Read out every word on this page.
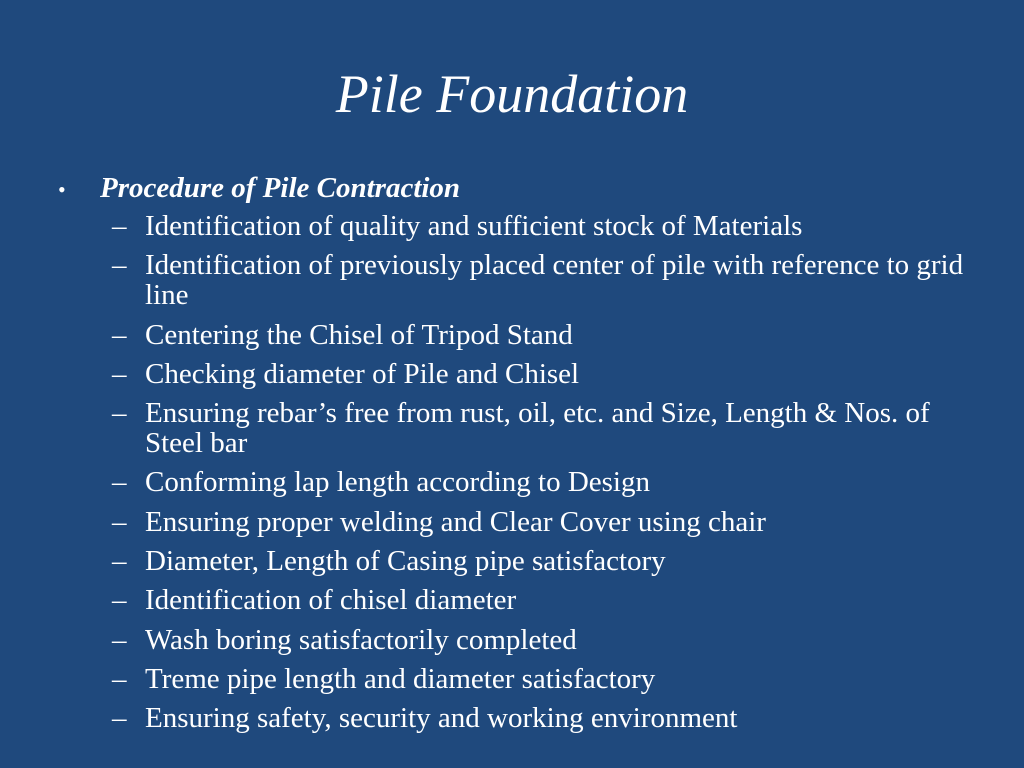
Pile Foundation
•	Procedure of Pile Contraction
– Identification of quality and sufficient stock of Materials
– Identification of previously placed center of pile with reference to grid line
– Centering the Chisel of Tripod Stand
– Checking diameter of Pile and Chisel
– Ensuring rebar’s free from rust, oil, etc. and Size, Length & Nos. of Steel bar
– Conforming lap length according to Design
– Ensuring proper welding and Clear Cover using chair
– Diameter, Length of Casing pipe satisfactory
– Identification of chisel diameter
– Wash boring satisfactorily completed
– Treme pipe length and diameter satisfactory
– Ensuring safety, security and working environment
